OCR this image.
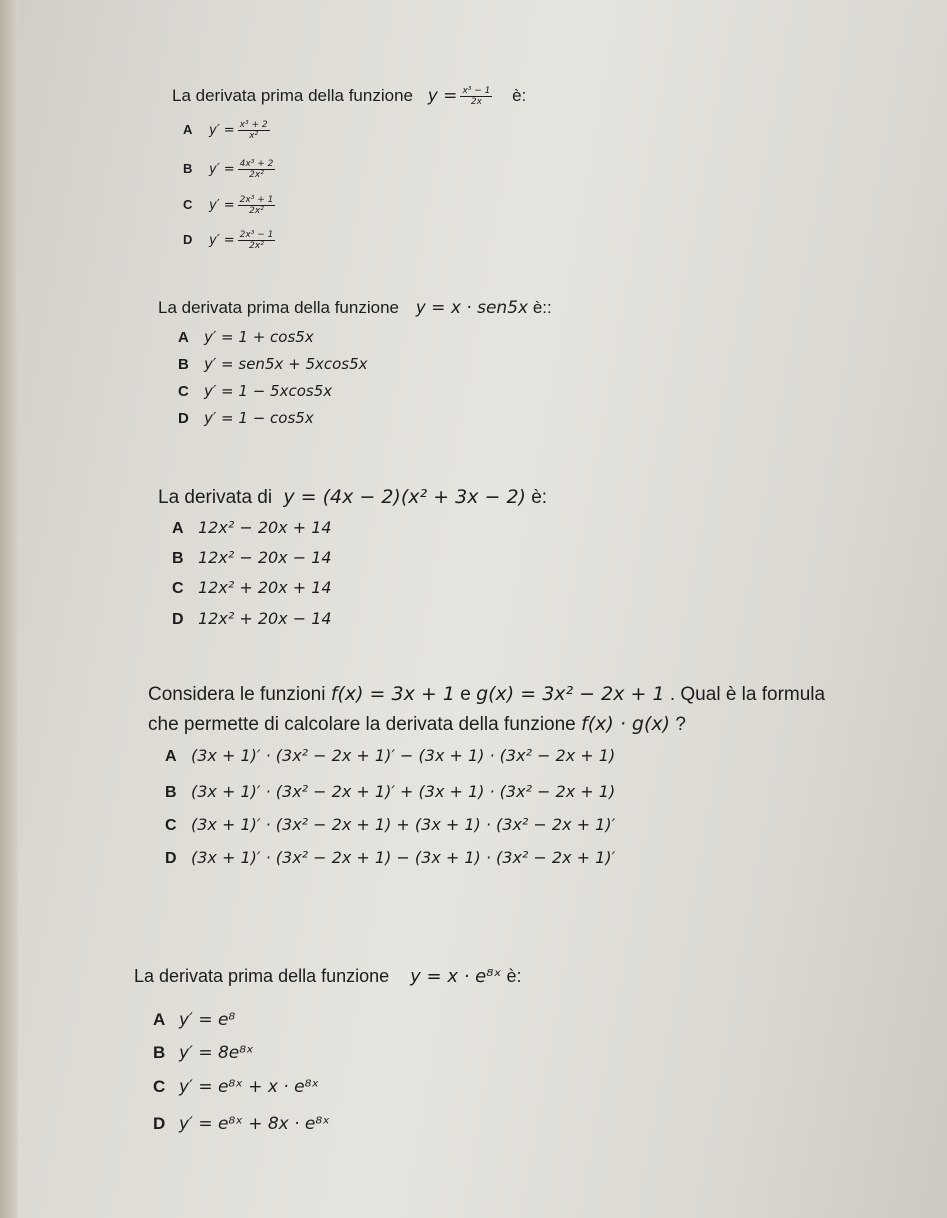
La derivata prima della funzione $y = \frac{\text{x³ − 1}}{2x}$ è:
A $y' = \frac{\text{x³ + 2}}{\text{x²}}$
B $y' = \frac{\text{4x³ + 2}}{\text{2x²}}$
C $y' = \frac{\text{2x³ + 1}}{\text{2x²}}$
D $y' = \frac{\text{2x³ − 1}}{\text{2x²}}$
La derivata prima della funzione y = x · sen5x è::
A y′ = 1 + cos5x
B y′ = sen5x + 5xcos5x
C y′ = 1 − 5xcos5x
D y′ = 1 − cos5x
La derivata di y = (4x − 2)(x² + 3x − 2) è:
A 12x² − 20x + 14
B 12x² − 20x − 14
C 12x² + 20x + 14
D 12x² + 20x − 14
Considera le funzioni f(x) = 3x + 1 e g(x) = 3x² − 2x + 1 . Qual è la formula
che permette di calcolare la derivata della funzione f(x) · g(x) ?
A (3x + 1)′ · (3x² − 2x + 1)′ − (3x + 1) · (3x² − 2x + 1)
B (3x + 1)′ · (3x² − 2x + 1)′ + (3x + 1) · (3x² − 2x + 1)
C (3x + 1)′ · (3x² − 2x + 1) + (3x + 1) · (3x² − 2x + 1)′
D (3x + 1)′ · (3x² − 2x + 1) − (3x + 1) · (3x² − 2x + 1)′
La derivata prima della funzione y = x · e⁸ˣ è:
A y′ = e⁸
B y′ = 8e⁸ˣ
C y′ = e⁸ˣ + x · e⁸ˣ
D y′ = e⁸ˣ + 8x · e⁸ˣ
